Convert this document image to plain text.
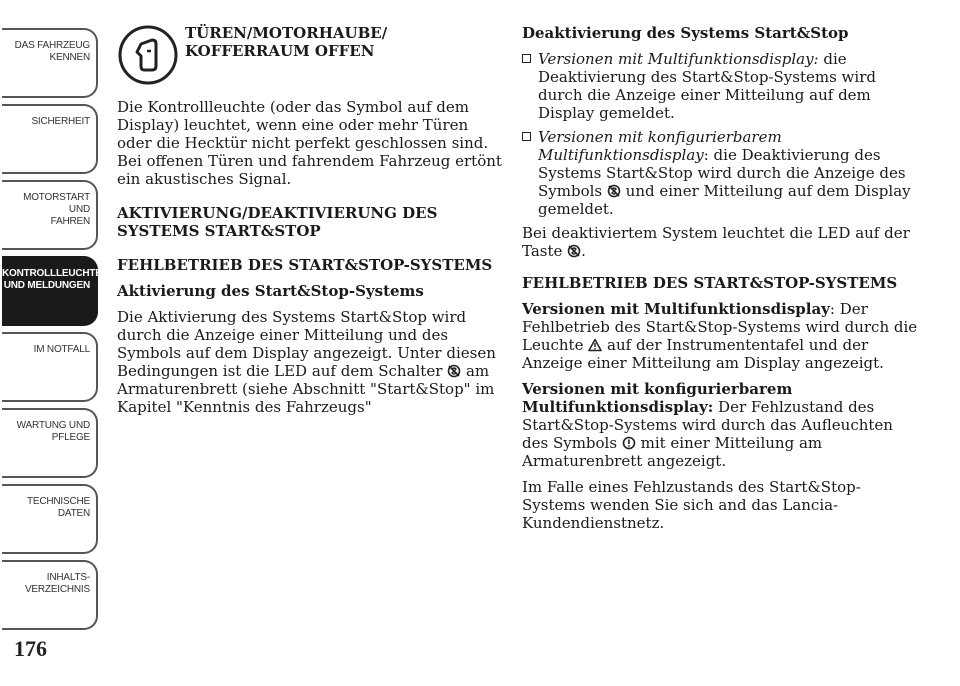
DAS FAHRZEUG
KENNEN
SICHERHEIT
MOTORSTART UND
FAHREN
KONTROLLLEUCHTEN
UND MELDUNGEN
IM NOTFALL
WARTUNG UND
PFLEGE
TECHNISCHE
DATEN
INHALTS-
VERZEICHNIS
176
TÜREN/MOTORHAUBE/
KOFFERRAUM OFFEN

Die Kontrollleuchte (oder das Symbol auf dem Display) leuchtet, wenn eine oder mehr Türen oder die Hecktür nicht perfekt geschlossen sind. Bei offenen Türen und fahrendem Fahrzeug ertönt ein akustisches Signal.

AKTIVIERUNG/DEAKTIVIERUNG DES SYSTEMS START&STOP
FEHLBETRIEB DES START&STOP-SYSTEMS

Aktivierung des Start&Stop-Systems

Die Aktivierung des Systems Start&Stop wird durch die Anzeige einer Mitteilung und des Symbols auf dem Display angezeigt. Unter diesen Bedingungen ist die LED auf dem Schalter am Armaturenbrett (siehe Abschnitt "Start&Stop" im Kapitel "Kenntnis des Fahrzeugs"

Deaktivierung des Systems Start&Stop

Versionen mit Multifunktionsdisplay: die Deaktivierung des Start&Stop-Systems wird durch die Anzeige einer Mitteilung auf dem Display gemeldet.
Versionen mit konfigurierbarem Multifunktionsdisplay: die Deaktivierung des Systems Start&Stop wird durch die Anzeige des Symbols und einer Mitteilung auf dem Display gemeldet.

Bei deaktiviertem System leuchtet die LED auf der Taste .

FEHLBETRIEB DES START&STOP-SYSTEMS

Versionen mit Multifunktionsdisplay: Der Fehlbetrieb des Start&Stop-Systems wird durch die Leuchte auf der Instrumententafel und der Anzeige einer Mitteilung am Display angezeigt.

Versionen mit konfigurierbarem Multifunktionsdisplay: Der Fehlzustand des Start&Stop-Systems wird durch das Aufleuchten des Symbols mit einer Mitteilung am Armaturenbrett angezeigt.

Im Falle eines Fehlzustands des Start&Stop-Systems wenden Sie sich and das Lancia-Kundendienstnetz.
